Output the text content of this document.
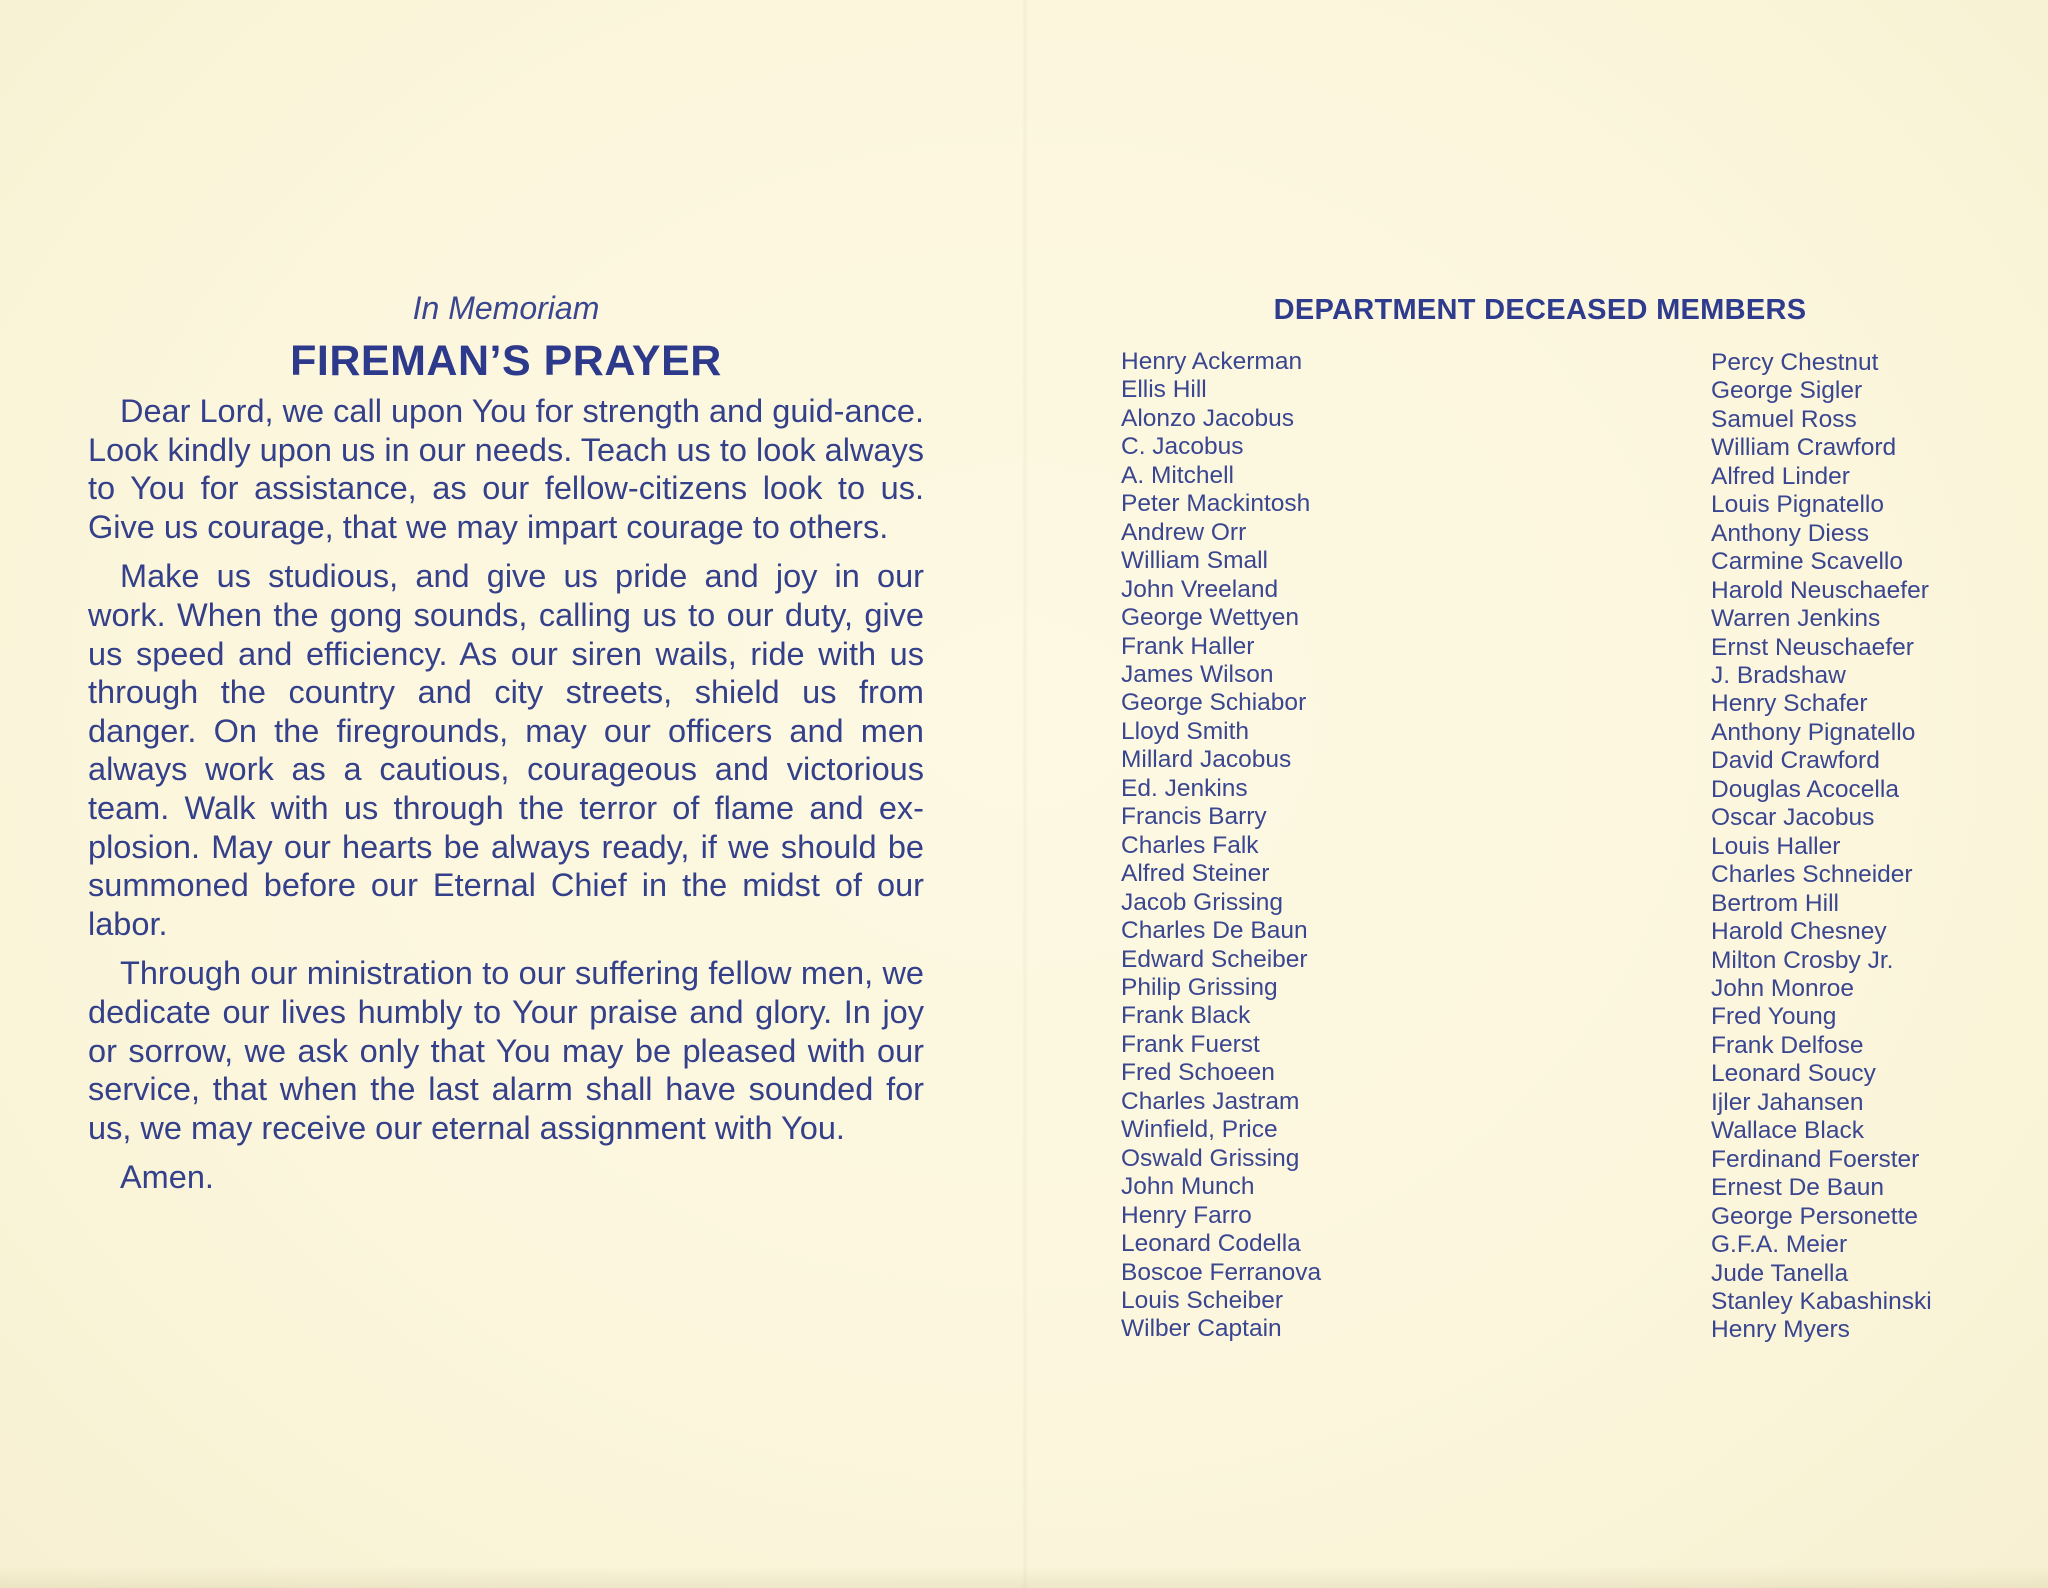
In Memoriam
FIREMAN’S PRAYER

Dear Lord, we call upon You for strength and guid-ance. Look kindly upon us in our needs. Teach us to look always to You for assistance, as our fellow-citizens look to us. Give us courage, that we may impart courage to others.

Make us studious, and give us pride and joy in our work. When the gong sounds, calling us to our duty, give us speed and efficiency. As our siren wails, ride with us through the country and city streets, shield us from danger. On the firegrounds, may our officers and men always work as a cautious, courageous and victorious team. Walk with us through the terror of flame and ex-plosion. May our hearts be always ready, if we should be summoned before our Eternal Chief in the midst of our labor.

Through our ministration to our suffering fellow men, we dedicate our lives humbly to Your praise and glory. In joy or sorrow, we ask only that You may be pleased with our service, that when the last alarm shall have sounded for us, we may receive our eternal assignment with You.

Amen.
DEPARTMENT DECEASED MEMBERS
Henry Ackerman
Ellis Hill
Alonzo Jacobus
C. Jacobus
A. Mitchell
Peter Mackintosh
Andrew Orr
William Small
John Vreeland
George Wettyen
Frank Haller
James Wilson
George Schiabor
Lloyd Smith
Millard Jacobus
Ed. Jenkins
Francis Barry
Charles Falk
Alfred Steiner
Jacob Grissing
Charles De Baun
Edward Scheiber
Philip Grissing
Frank Black
Frank Fuerst
Fred Schoeen
Charles Jastram
Winfield, Price
Oswald Grissing
John Munch
Henry Farro
Leonard Codella
Boscoe Ferranova
Louis Scheiber
Wilber Captain
Percy Chestnut
George Sigler
Samuel Ross
William Crawford
Alfred Linder
Louis Pignatello
Anthony Diess
Carmine Scavello
Harold Neuschaefer
Warren Jenkins
Ernst Neuschaefer
J. Bradshaw
Henry Schafer
Anthony Pignatello
David Crawford
Douglas Acocella
Oscar Jacobus
Louis Haller
Charles Schneider
Bertrom Hill
Harold Chesney
Milton Crosby Jr.
John Monroe
Fred Young
Frank Delfose
Leonard Soucy
Ijler Jahansen
Wallace Black
Ferdinand Foerster
Ernest De Baun
George Personette
G.F.A. Meier
Jude Tanella
Stanley Kabashinski
Henry Myers
